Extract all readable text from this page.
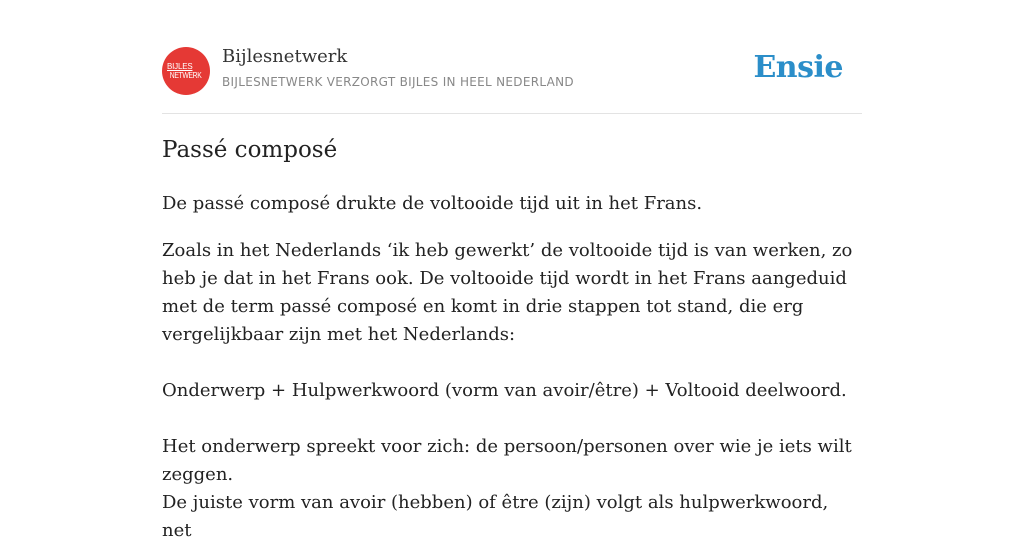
BIJLES
NETWERK
Bijlesnetwerk
BIJLESNETWERK VERZORGT BIJLES IN HEEL NEDERLAND	Ensie
Passé composé

De passé composé drukte de voltooide tijd uit in het Frans.

Zoals in het Nederlands ‘ik heb gewerkt’ de voltooide tijd is van werken, zo heb je dat in het Frans ook. De voltooide tijd wordt in het Frans aangeduid met de term passé composé en komt in drie stappen tot stand, die erg vergelijkbaar zijn met het Nederlands:

Onderwerp + Hulpwerkwoord (vorm van avoir/être) + Voltooid deelwoord.

Het onderwerp spreekt voor zich: de persoon/personen over wie je iets wilt zeggen.

De juiste vorm van avoir (hebben) of être (zijn) volgt als hulpwerkwoord, net
